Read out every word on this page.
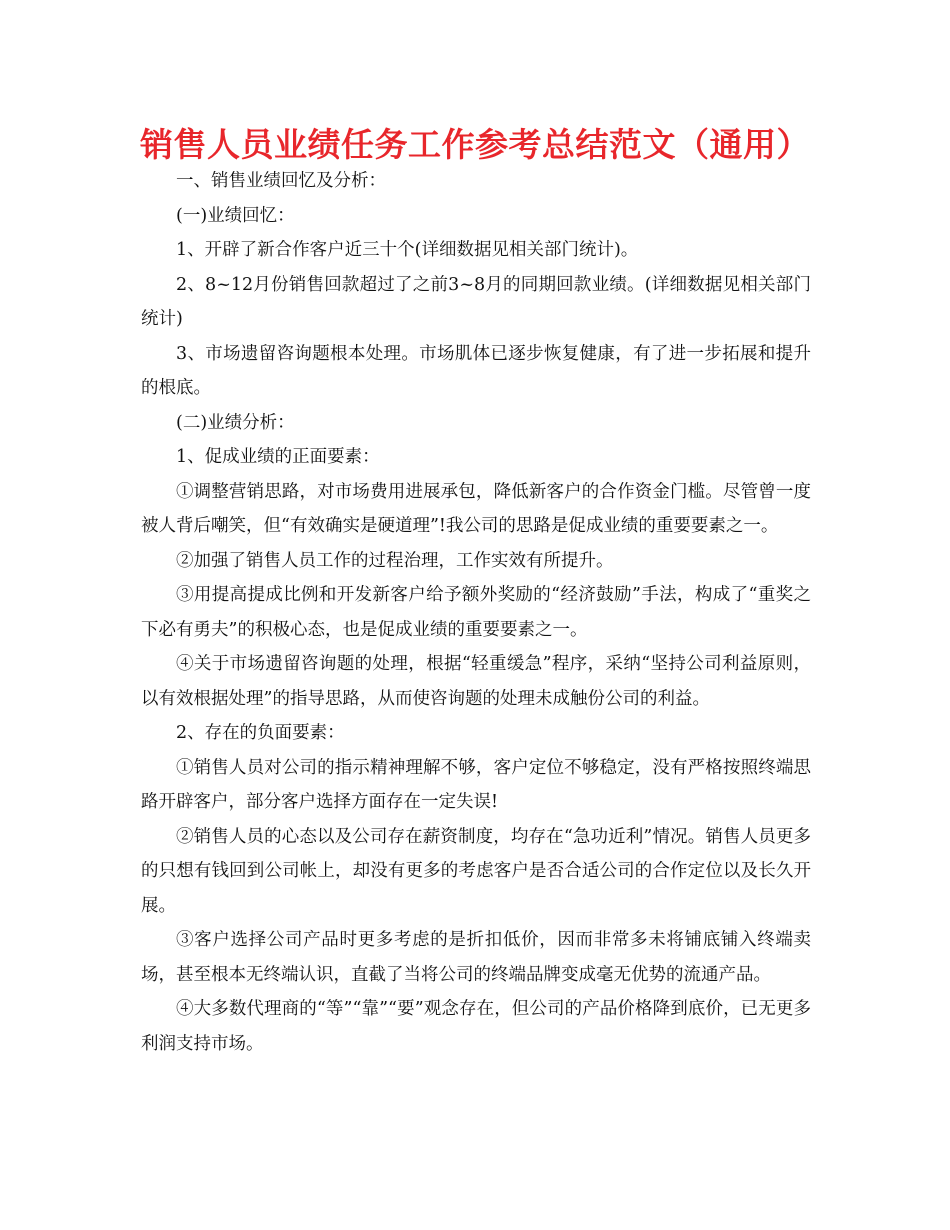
销售人员业绩任务工作参考总结范文（通用）

一、销售业绩回忆及分析：

(一)业绩回忆：

1、开辟了新合作客户近三十个(详细数据见相关部门统计)。

2、8~12月份销售回款超过了之前3~8月的同期回款业绩。(详细数据见相关部门统计)

3、市场遗留咨询题根本处理。市场肌体已逐步恢复健康，有了进一步拓展和提升的根底。

(二)业绩分析：

1、促成业绩的正面要素：

①调整营销思路，对市场费用进展承包，降低新客户的合作资金门槛。尽管曾一度被人背后嘲笑，但“有效确实是硬道理”!我公司的思路是促成业绩的重要要素之一。

②加强了销售人员工作的过程治理，工作实效有所提升。

③用提高提成比例和开发新客户给予额外奖励的“经济鼓励”手法，构成了“重奖之下必有勇夫”的积极心态，也是促成业绩的重要要素之一。

④关于市场遗留咨询题的处理，根据“轻重缓急”程序，采纳“坚持公司利益原则，以有效根据处理”的指导思路，从而使咨询题的处理未成触份公司的利益。

2、存在的负面要素：

①销售人员对公司的指示精神理解不够，客户定位不够稳定，没有严格按照终端思路开辟客户，部分客户选择方面存在一定失误!

②销售人员的心态以及公司存在薪资制度，均存在“急功近利”情况。销售人员更多的只想有钱回到公司帐上，却没有更多的考虑客户是否合适公司的合作定位以及长久开展。

③客户选择公司产品时更多考虑的是折扣低价，因而非常多未将铺底铺入终端卖场，甚至根本无终端认识，直截了当将公司的终端品牌变成毫无优势的流通产品。

④大多数代理商的“等”“靠”“要”观念存在，但公司的产品价格降到底价，已无更多利润支持市场。
